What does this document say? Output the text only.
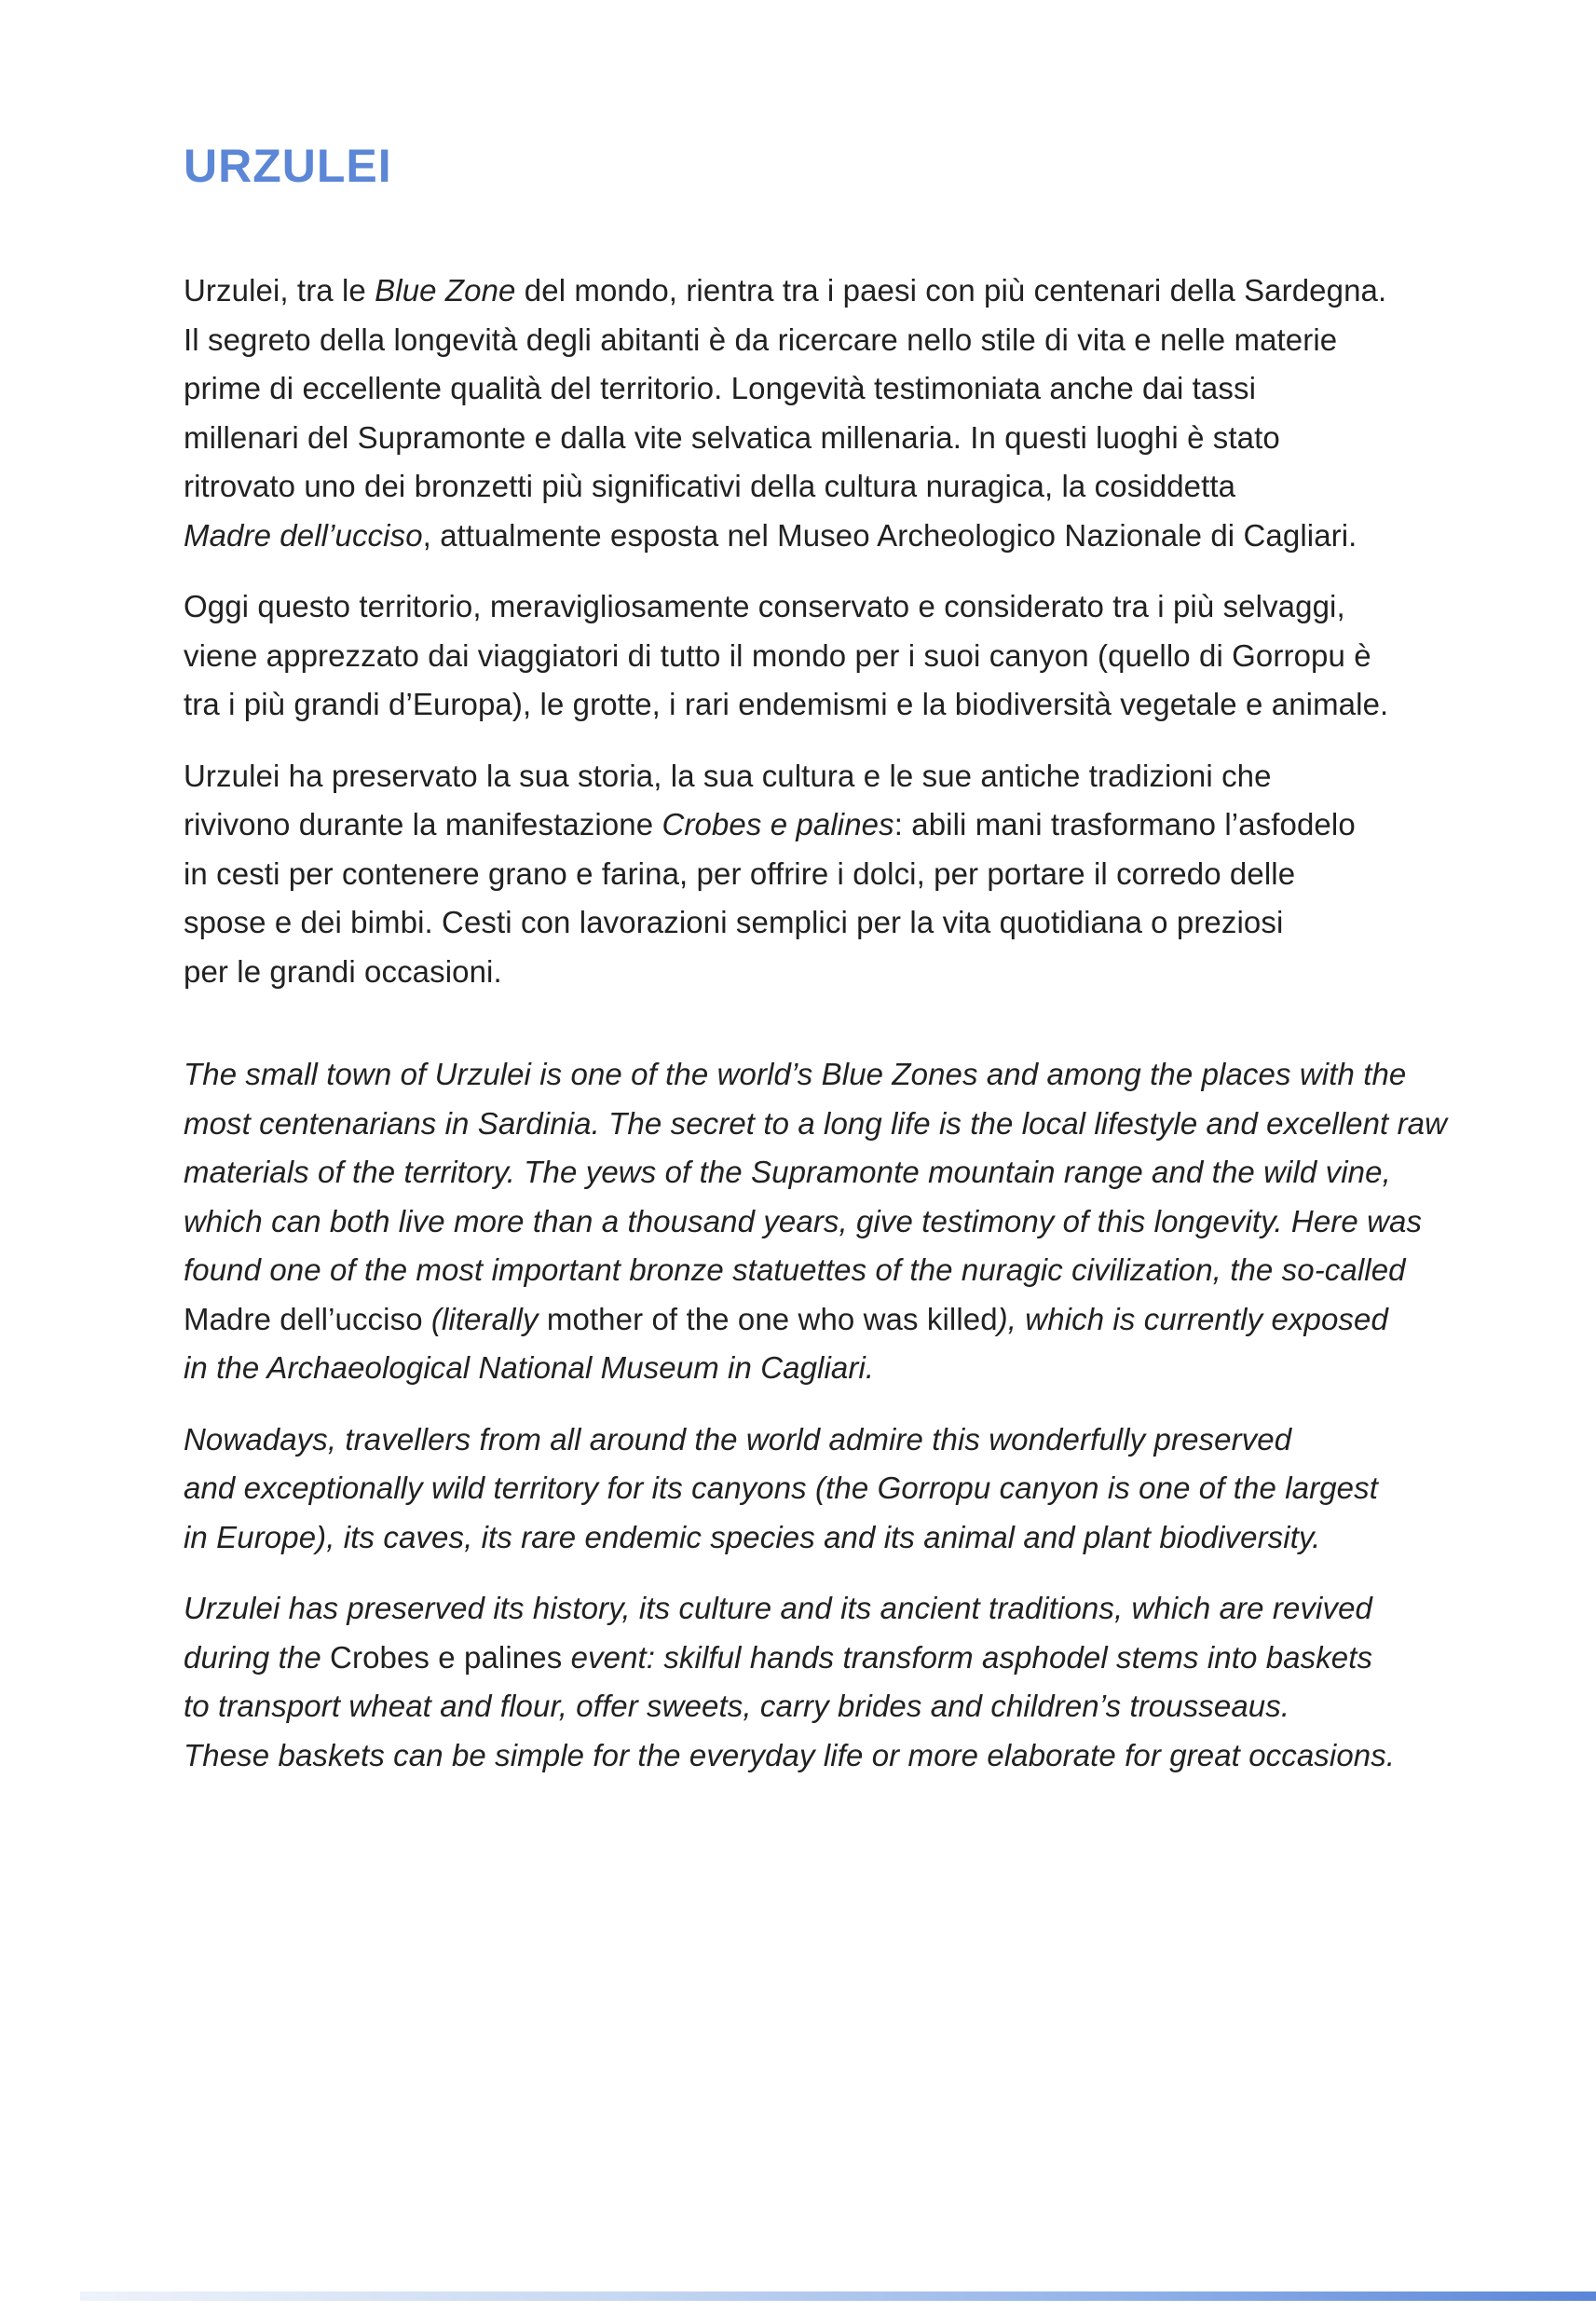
URZULEI

Urzulei, tra le Blue Zone del mondo, rientra tra i paesi con più centenari della Sardegna.
Il segreto della longevità degli abitanti è da ricercare nello stile di vita e nelle materie
prime di eccellente qualità del territorio. Longevità testimoniata anche dai tassi
millenari del Supramonte e dalla vite selvatica millenaria. In questi luoghi è stato
ritrovato uno dei bronzetti più significativi della cultura nuragica, la cosiddetta
Madre dell’ucciso, attualmente esposta nel Museo Archeologico Nazionale di Cagliari.

Oggi questo territorio, meravigliosamente conservato e considerato tra i più selvaggi,
viene apprezzato dai viaggiatori di tutto il mondo per i suoi canyon (quello di Gorropu è
tra i più grandi d’Europa), le grotte, i rari endemismi e la biodiversità vegetale e animale.

Urzulei ha preservato la sua storia, la sua cultura e le sue antiche tradizioni che
rivivono durante la manifestazione Crobes e palines: abili mani trasformano l’asfodelo
in cesti per contenere grano e farina, per offrire i dolci, per portare il corredo delle
spose e dei bimbi. Cesti con lavorazioni semplici per la vita quotidiana o preziosi
per le grandi occasioni.

The small town of Urzulei is one of the world’s Blue Zones and among the places with the
most centenarians in Sardinia. The secret to a long life is the local lifestyle and excellent raw
materials of the territory. The yews of the Supramonte mountain range and the wild vine,
which can both live more than a thousand years, give testimony of this longevity. Here was
found one of the most important bronze statuettes of the nuragic civilization, the so-called
Madre dell’ucciso (literally mother of the one who was killed), which is currently exposed
in the Archaeological National Museum in Cagliari.

Nowadays, travellers from all around the world admire this wonderfully preserved
and exceptionally wild territory for its canyons (the Gorropu canyon is one of the largest
in Europe), its caves, its rare endemic species and its animal and plant biodiversity.

Urzulei has preserved its history, its culture and its ancient traditions, which are revived
during the Crobes e palines event: skilful hands transform asphodel stems into baskets
to transport wheat and flour, offer sweets, carry brides and children’s trousseaus.
These baskets can be simple for the everyday life or more elaborate for great occasions.
